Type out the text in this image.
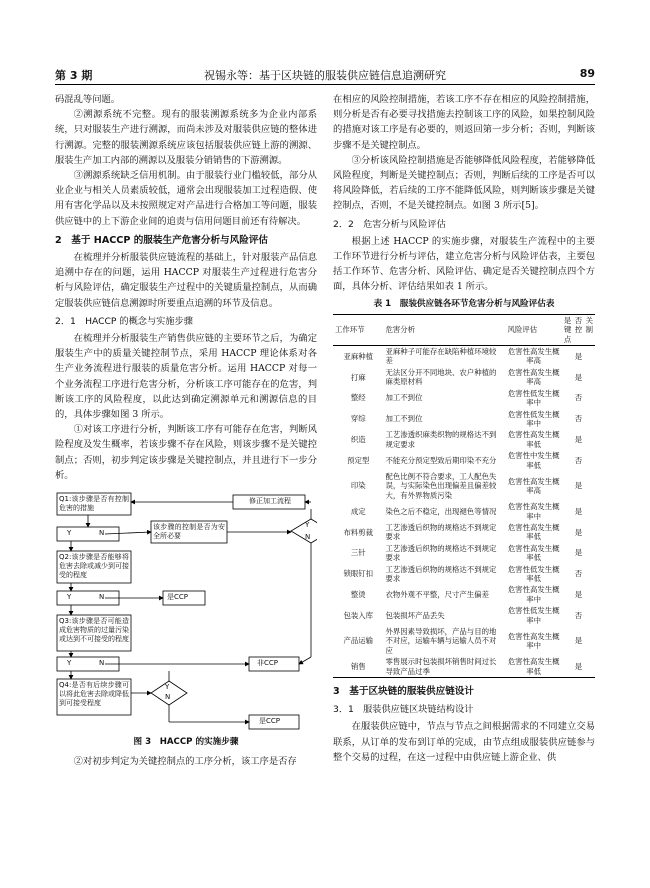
第 3 期	祝锡永等：基于区块链的服装供应链信息追溯研究	89

码混乱等问题。

②溯源系统不完整。现有的服装溯源系统多为企业内部系统，只对服装生产进行溯源，而尚未涉及对服装供应链的整体进行溯源。完整的服装溯源系统应该包括服装供应链上游的溯源、服装生产加工内部的溯源以及服装分销销售的下游溯源。

③溯源系统缺乏信用机制。由于服装行业门槛较低，部分从业企业与相关人员素质较低，通常会出现服装加工过程造假、使用有害化学品以及未按照规定对产品进行合格加工等问题，服装供应链中的上下游企业间的追责与信用问题目前还有待解决。

2　基于 HACCP 的服装生产危害分析与风险评估

在梳理并分析服装供应链流程的基础上，针对服装产品信息追溯中存在的问题，运用 HACCP 对服装生产过程进行危害分析与风险评估，确定服装生产过程中的关键质量控制点，从而确定服装供应链信息溯源时所要重点追溯的环节及信息。

2．1　HACCP 的概念与实施步骤

在梳理并分析服装生产销售供应链的主要环节之后，为确定服装生产中的质量关键控制节点，采用 HACCP 理论体系对各生产业务流程进行服装的质量危害分析。运用 HACCP 对每一个业务流程工序进行危害分析，分析该工序可能存在的危害，判断该工序的风险程度，以此达到确定溯源单元和溯源信息的目的，具体步骤如图 3 所示。

①对该工序进行分析，判断该工序有可能存在危害，判断风险程度及发生概率，若该步骤不存在风险，则该步骤不是关键控制点；否则，初步判定该步骤是关键控制点，并且进行下一步分析。

Q1:该步骤是否有控制危害的措施
修正加工流程
该步骤的控制是否为安全所必要
Y	N
Y
N
Q2:该步骤是否能够将危害去除或减少到可接受的程度
Y	N	是CCP
Q3:该步骤是否可能造成危害物质的过量污染或达到不可接受的程度
Y	N	非CCP
Q4:是否有后续步骤可以将此危害去除或降低到可接受程度
Y
N
是CCP
图 3　HACCP 的实施步骤

②对初步判定为关键控制点的工序分析，该工序是否存

在相应的风险控制措施，若该工序不存在相应的风险控制措施，则分析是否有必要寻找措施去控制该工序的风险，如果控制风险的措施对该工序是有必要的，则返回第一步分析；否则，判断该步骤不是关键控制点。

③分析该风险控制措施是否能够降低风险程度，若能够降低风险程度，判断是关键控制点；否则，判断后续的工序是否可以将风险降低，若后续的工序不能降低风险，则判断该步骤是关键控制点，否则，不是关键控制点。如图 3 所示[5]。

2．2　危害分析与风险评估

根据上述 HACCP 的实施步骤，对服装生产流程中的主要工作环节进行分析与评估，建立危害分析与风险评估表，主要包括工作环节、危害分析、风险评估、确定是否关键控制点四个方面，具体分析、评估结果如表 1 所示。

表 1　服装供应链各环节危害分析与风险评估表
工作环节	危害分析	风险评估	是否关键控制点
亚麻种植	亚麻种子可能存在缺陷种植环境较差	危害性高发生概率高	是
打麻	无法区分开不同地块、农户种植的麻类原材料	危害性高发生概率高	是
整经	加工不到位	危害性低发生概率中	否
穿综	加工不到位	危害性低发生概率中	否
织造	工艺渗透织麻类织物的规格达不到规定要求	危害性高发生概率低	是
预定型	不能充分预定型致后期印染不充分	危害性中发生概率低	否
印染	配色比例不符合要求，工人配色失误，与实际染色出现偏差且偏差较大，有外界物质污染	危害性高发生概率高	是
成定	染色之后不稳定，出现褪色等情况	危害性高发生概率中	是
布料剪裁	工艺渗透后织物的规格达不到规定要求	危害性高发生概率低	是
三针	工艺渗透后织物的规格达不到规定要求	危害性高发生概率低	是
锁眼钉扣	工艺渗透后织物的规格达不到规定要求	危害性低发生概率低	否
整烫	衣物外观不平整，尺寸产生偏差	危害性高发生概率中	是
包装入库	包装损坏产品丢失	危害性低发生概率中	否
产品运输	外界因素导致损坏，产品与目的地不对应，运输车辆与运输人员不对应	危害性高发生概率中	是
销售	零售展示时包装损坏销售时间过长导致产品过季	危害性高发生概率低	是
3　基于区块链的服装供应链设计
3．1　服装供应链区块链结构设计

在服装供应链中，节点与节点之间根据需求的不同建立交易联系，从订单的发布到订单的完成，由节点组成服装供应链参与整个交易的过程，在这一过程中由供应链上游企业、供
